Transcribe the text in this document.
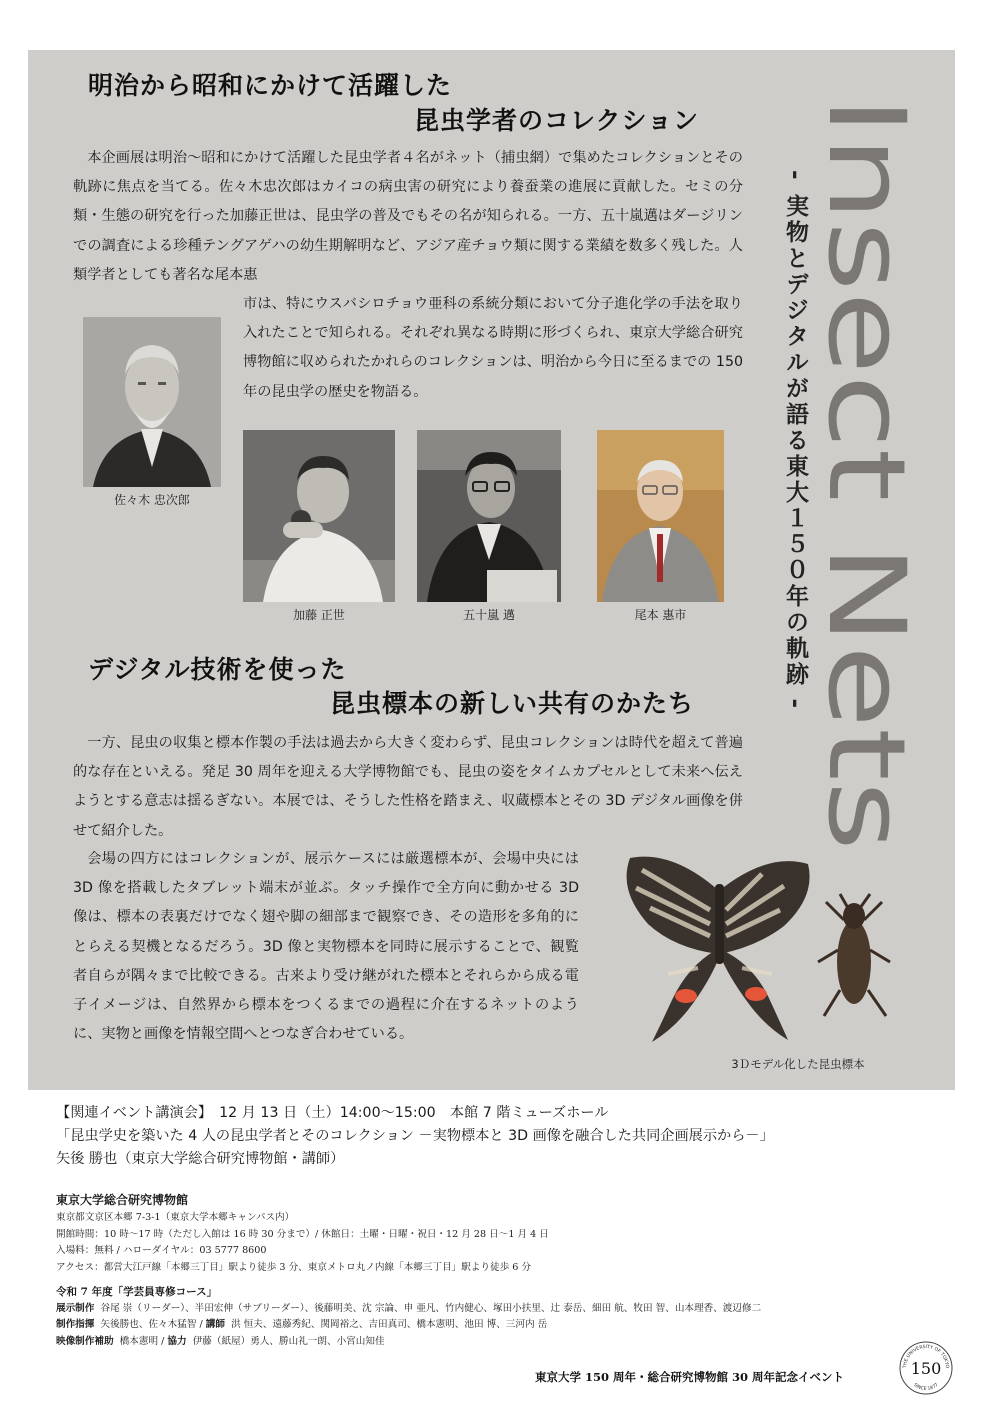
明治から昭和にかけて活躍した
昆虫学者のコレクション
本企画展は明治～昭和にかけて活躍した昆虫学者４名がネット（捕虫網）で集めたコレクションとその軌跡に焦点を当てる。佐々木忠次郎はカイコの病虫害の研究により養蚕業の進展に貢献した。セミの分類・生態の研究を行った加藤正世は、昆虫学の普及でもその名が知られる。一方、五十嵐邁はダージリンでの調査による珍種テングアゲハの幼生期解明など、アジア産チョウ類に関する業績を数多く残した。人類学者としても著名な尾本惠
市は、特にウスバシロチョウ亜科の系統分類において分子進化学の手法を取り入れたことで知られる。それぞれ異なる時期に形づくられ、東京大学総合研究博物館に収められたかれらのコレクションは、明治から今日に至るまでの 150 年の昆虫学の歴史を物語る。
佐々木 忠次郎
加藤 正世	五十嵐 邁	尾本 惠市
デジタル技術を使った
昆虫標本の新しい共有のかたち
一方、昆虫の収集と標本作製の手法は過去から大きく変わらず、昆虫コレクションは時代を超えて普遍的な存在といえる。発足 30 周年を迎える大学博物館でも、昆虫の姿をタイムカプセルとして未来へ伝えようとする意志は揺るぎない。本展では、そうした性格を踏まえ、収蔵標本とその 3D デジタル画像を併せて紹介した。
会場の四方にはコレクションが、展示ケースには厳選標本が、会場中央には 3D 像を搭載したタブレット端末が並ぶ。タッチ操作で全方向に動かせる 3D 像は、標本の表裏だけでなく翅や脚の細部まで観察でき、その造形を多角的にとらえる契機となるだろう。3D 像と実物標本を同時に展示することで、観覧者自らが隅々まで比較できる。古来より受け継がれた標本とそれらから成る電子イメージは、自然界から標本をつくるまでの過程に介在するネットのように、実物と画像を情報空間へとつなぎ合わせている。
3Ｄモデル化した昆虫標本
Insect Nets
- 実物とデジタルが語る東大１５０年の軌跡 -
【関連イベント講演会】　12 月 13 日（土）14:00～15:00　本館 7 階ミューズホール
「昆虫学史を築いた 4 人の昆虫学者とそのコレクション －実物標本と 3D 画像を融合した共同企画展示から－」
矢後 勝也（東京大学総合研究博物館・講師）
東京大学総合研究博物館
東京都文京区本郷 7-3-1（東京大学本郷キャンパス内）
開館時間：10 時～17 時（ただし入館は 16 時 30 分まで）/ 休館日：土曜・日曜・祝日・12 月 28 日～1 月 4 日
入場料：無料 / ハローダイヤル：03 5777 8600
アクセス：都営大江戸線「本郷三丁目」駅より徒歩 3 分、東京メトロ丸ノ内線「本郷三丁目」駅より徒歩 6 分
令和 7 年度「学芸員専修コース」
展示制作 谷尾 崇（リーダー）、半田宏伸（サブリーダー）、後藤明美、沈 宗論、申 亜凡、竹内健心、塚田小扶里、辻 泰岳、細田 航、牧田 智、山本理香、渡辺修二
制作指揮 矢後勝也、佐々木猛智 / 講師 洪 恒夫、遠藤秀紀、関岡裕之、吉田真司、橋本憲明、池田 博、三河内 岳
映像制作補助 橋本憲明 / 協力 伊藤（紙屋）勇人、勝山礼一朗、小宮山知佳
東京大学 150 周年・総合研究博物館 30 周年記念イベント
THE UNIVERSITY OF TOKYO
SINCE 1877
150
